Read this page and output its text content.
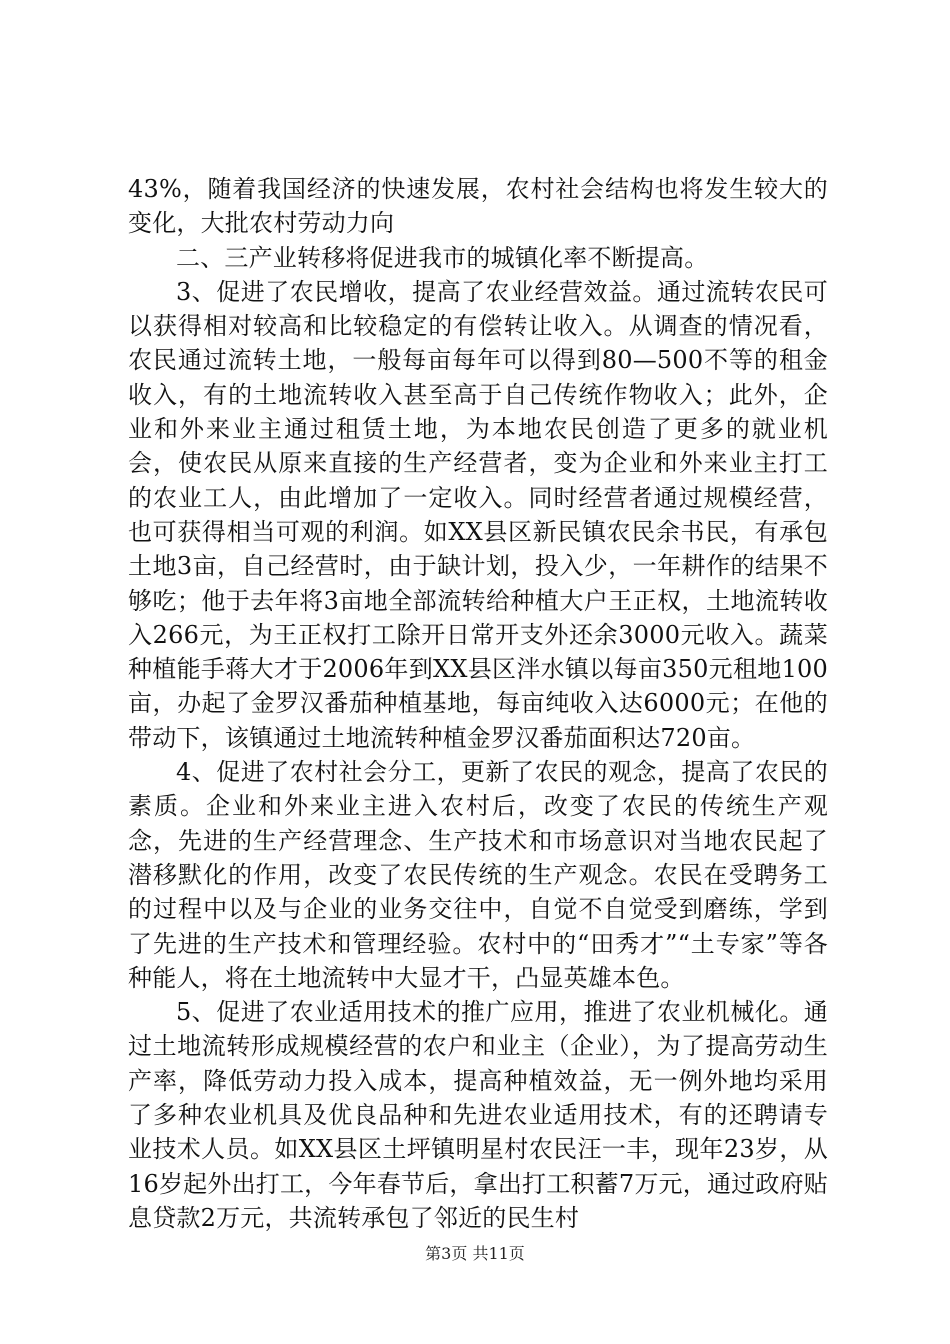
43%，随着我国经济的快速发展，农村社会结构也将发生较大的变化，大批农村劳动力向

二、三产业转移将促进我市的城镇化率不断提高。

3、促进了农民增收，提高了农业经营效益。通过流转农民可以获得相对较高和比较稳定的有偿转让收入。从调查的情况看，农民通过流转土地，一般每亩每年可以得到80—500不等的租金收入，有的土地流转收入甚至高于自己传统作物收入；此外，企业和外来业主通过租赁土地，为本地农民创造了更多的就业机会，使农民从原来直接的生产经营者，变为企业和外来业主打工的农业工人，由此增加了一定收入。同时经营者通过规模经营，也可获得相当可观的利润。如XX县区新民镇农民余书民，有承包土地3亩，自己经营时，由于缺计划，投入少，一年耕作的结果不够吃；他于去年将3亩地全部流转给种植大户王正权，土地流转收入266元，为王正权打工除开日常开支外还余3000元收入。蔬菜种植能手蒋大才于2006年到XX县区泮水镇以每亩350元租地100亩，办起了金罗汉番茄种植基地，每亩纯收入达6000元；在他的带动下，该镇通过土地流转种植金罗汉番茄面积达720亩。

4、促进了农村社会分工，更新了农民的观念，提高了农民的素质。企业和外来业主进入农村后，改变了农民的传统生产观念，先进的生产经营理念、生产技术和市场意识对当地农民起了潜移默化的作用，改变了农民传统的生产观念。农民在受聘务工的过程中以及与企业的业务交往中，自觉不自觉受到磨练，学到了先进的生产技术和管理经验。农村中的“田秀才”“土专家”等各种能人，将在土地流转中大显才干，凸显英雄本色。

5、促进了农业适用技术的推广应用，推进了农业机械化。通过土地流转形成规模经营的农户和业主（企业），为了提高劳动生产率，降低劳动力投入成本，提高种植效益，无一例外地均采用了多种农业机具及优良品种和先进农业适用技术，有的还聘请专业技术人员。如XX县区土坪镇明星村农民汪一丰，现年23岁，从16岁起外出打工，今年春节后，拿出打工积蓄7万元，通过政府贴息贷款2万元，共流转承包了邻近的民生村

第3页 共11页
